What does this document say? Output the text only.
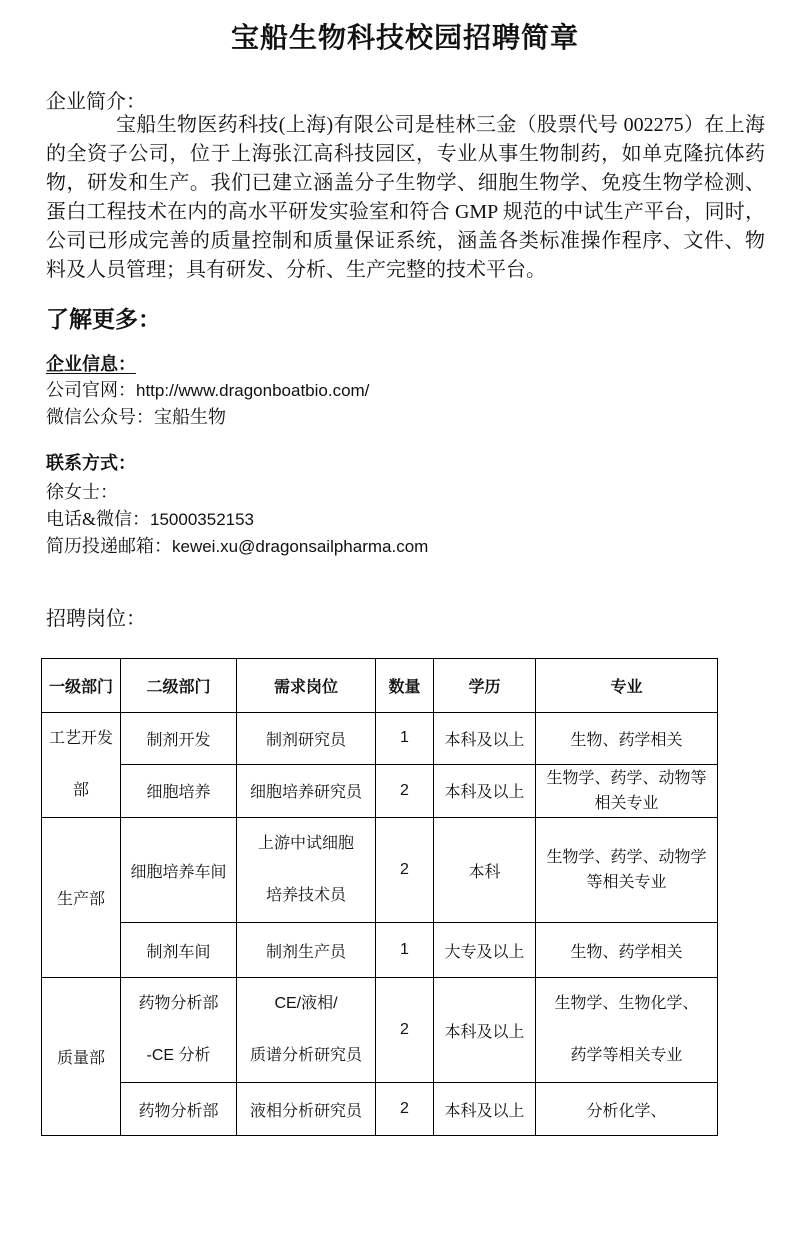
宝船生物科技校园招聘简章
企业简介：
宝船生物医药科技(上海)有限公司是桂林三金（股票代号 002275）在上海的全资子公司，位于上海张江高科技园区，专业从事生物制药，如单克隆抗体药物，研发和生产。我们已建立涵盖分子生物学、细胞生物学、免疫生物学检测、蛋白工程技术在内的高水平研发实验室和符合 GMP 规范的中试生产平台，同时，公司已形成完善的质量控制和质量保证系统，涵盖各类标准操作程序、文件、物料及人员管理；具有研发、分析、生产完整的技术平台。
了解更多：
企业信息：
公司官网：http://www.dragonboatbio.com/
微信公众号：宝船生物
联系方式：
徐女士：
电话&微信：15000352153
简历投递邮箱：kewei.xu@dragonsailpharma.com
招聘岗位：
一级部门	二级部门	需求岗位	数量	学历	专业

工艺开发
部	制剂开发	制剂研究员	1	本科及以上	生物、药学相关
	细胞培养	细胞培养研究员	2	本科及以上	生物学、药学、动物等
相关专业

生产部	细胞培养车间	上游中试细胞
培养技术员	2	本科	生物学、药学、动物学
等相关专业

	制剂车间	制剂生产员	1	大专及以上	生物、药学相关

质量部	药物分析部
-CE 分析	CE/液相/
质谱分析研究员	2	本科及以上	生物学、生物化学、
药学等相关专业

	药物分析部	液相分析研究员	2	本科及以上	分析化学、
